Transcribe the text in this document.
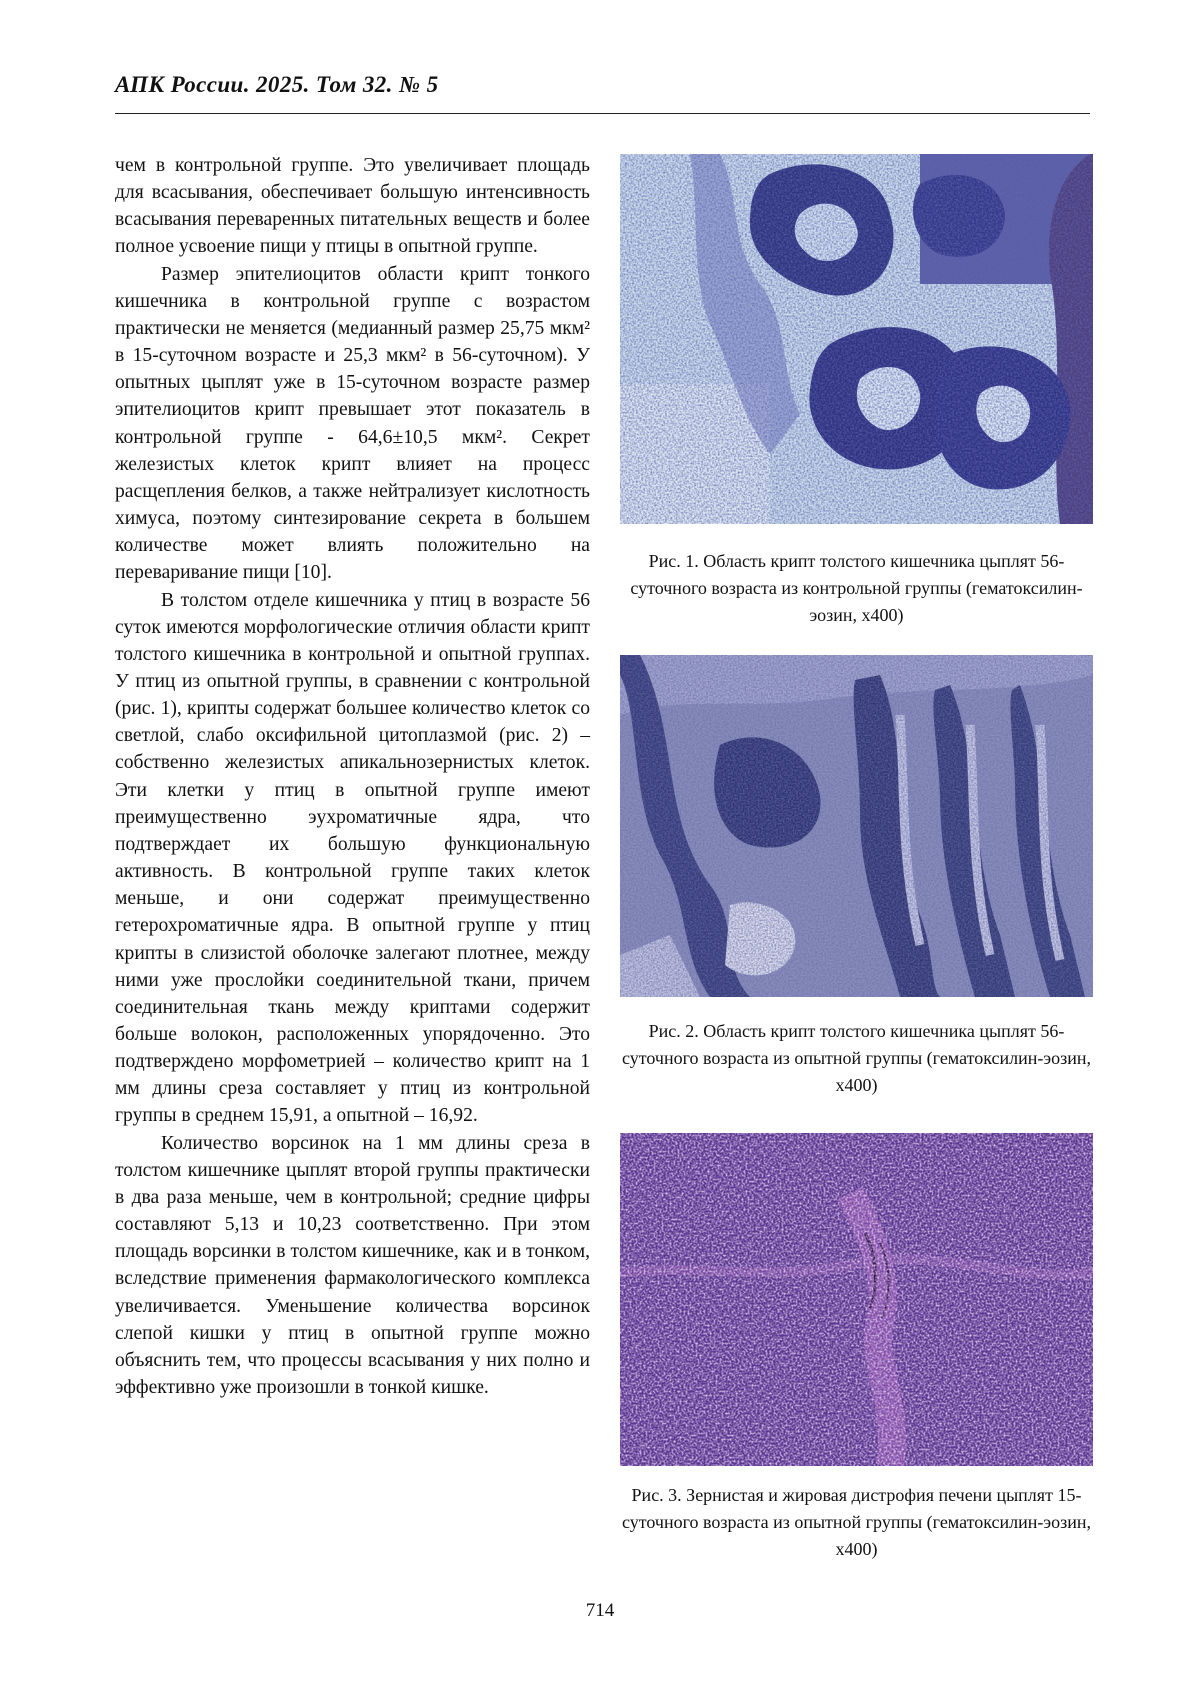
АПК России. 2025. Том 32. № 5

чем в контрольной группе. Это увеличивает площадь для всасывания, обеспечивает большую интенсивность всасывания переваренных питательных веществ и более полное усвоение пищи у птицы в опытной группе.

Размер эпителиоцитов области крипт тонкого кишечника в контрольной группе с возрастом практически не меняется (медианный размер 25,75 мкм² в 15-суточном возрасте и 25,3 мкм² в 56-суточном). У опытных цыплят уже в 15-суточном возрасте размер эпителиоцитов крипт превышает этот показатель в контрольной группе - 64,6±10,5 мкм². Секрет железистых клеток крипт влияет на процесс расщепления белков, а также нейтрализует кислотность химуса, поэтому синтезирование секрета в большем количестве может влиять положительно на переваривание пищи [10].

В толстом отделе кишечника у птиц в возрасте 56 суток имеются морфологические отличия области крипт толстого кишечника в контрольной и опытной группах. У птиц из опытной группы, в сравнении с контрольной (рис. 1), крипты содержат большее количество клеток со светлой, слабо оксифильной цитоплазмой (рис. 2) – собственно железистых апикальнозернистых клеток. Эти клетки у птиц в опытной группе имеют преимущественно эухроматичные ядра, что подтверждает их большую функциональную активность. В контрольной группе таких клеток меньше, и они содержат преимущественно гетерохроматичные ядра. В опытной группе у птиц крипты в слизистой оболочке залегают плотнее, между ними уже прослойки соединительной ткани, причем соединительная ткань между криптами содержит больше волокон, расположенных упорядоченно. Это подтверждено морфометрией – количество крипт на 1 мм длины среза составляет у птиц из контрольной группы в среднем 15,91, а опытной – 16,92.

Количество ворсинок на 1 мм длины среза в толстом кишечнике цыплят второй группы практически в два раза меньше, чем в контрольной; средние цифры составляют 5,13 и 10,23 соответственно. При этом площадь ворсинки в толстом кишечнике, как и в тонком, вследствие применения фармакологического комплекса увеличивается. Уменьшение количества ворсинок слепой кишки у птиц в опытной группе можно объяснить тем, что процессы всасывания у них полно и эффективно уже произошли в тонкой кишке.

Рис. 1. Область крипт толстого кишечника цыплят 56-суточного возраста из контрольной группы (гематоксилин-эозин, х400)
Рис. 2. Область крипт толстого кишечника цыплят 56-суточного возраста из опытной группы (гематоксилин-эозин, х400)
Рис. 3. Зернистая и жировая дистрофия печени цыплят 15-суточного возраста из опытной группы (гематоксилин-эозин, х400)
714
